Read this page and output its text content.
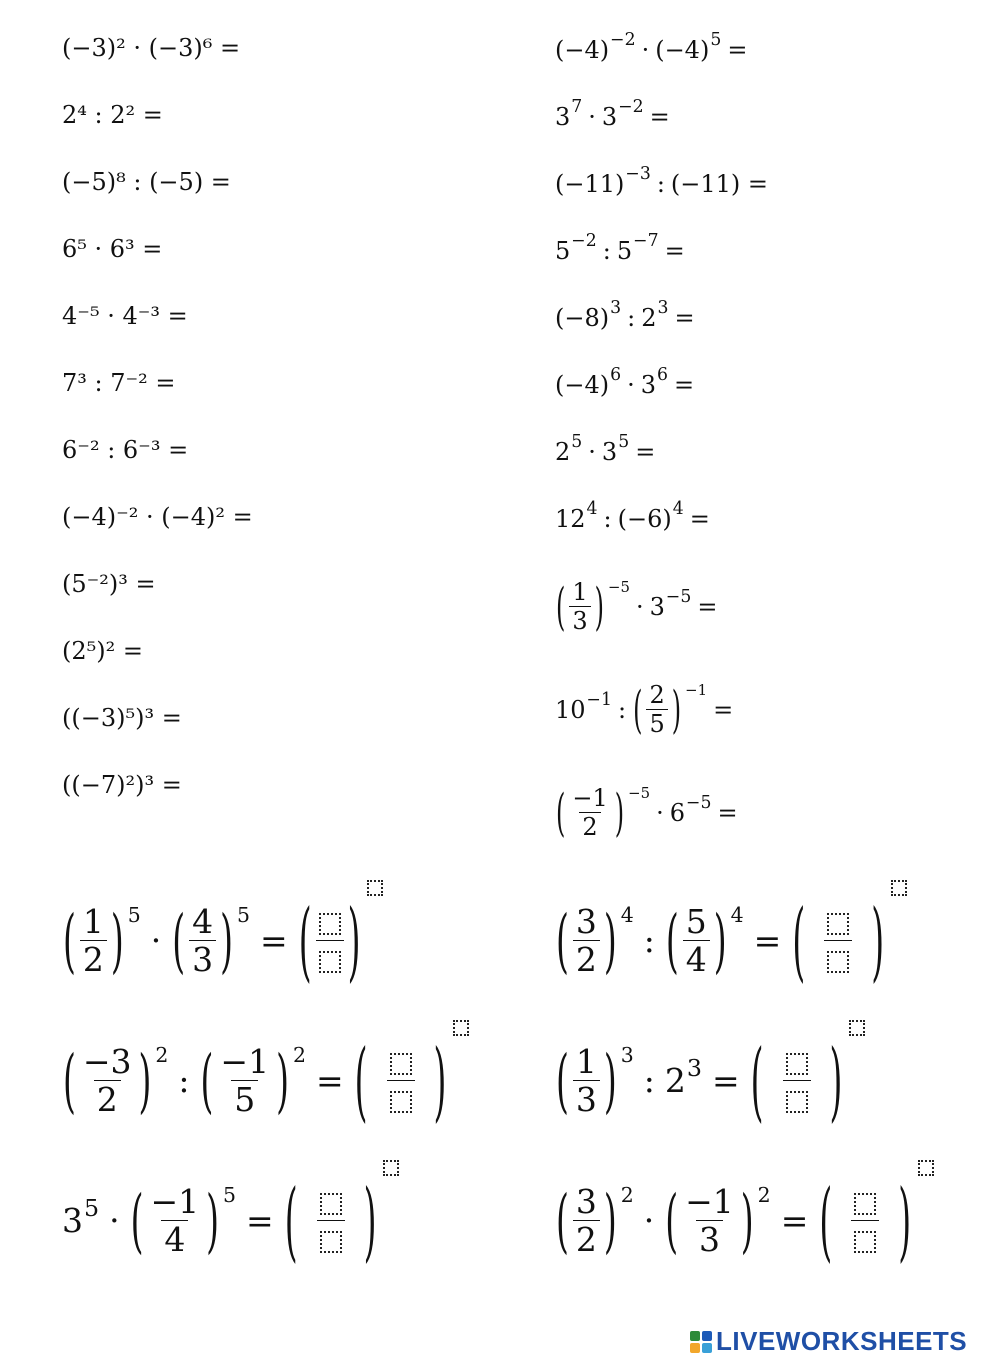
(−3)² · (−3)⁶ =
2⁴ : 2² =
(−5)⁸ : (−5) =
6⁵ · 6³ =
4⁻⁵ · 4⁻³ =
7³ : 7⁻² =
6⁻² : 6⁻³ =
(−4)⁻² · (−4)² =
(5⁻²)³ =
(2⁵)² =
((−3)⁵)³ =
((−7)²)³ =
(−4)−2 · (−4)5 =
37 · 3−2 =
(−11)−3 : (−11) =
5−2 : 5−7 =
(−8)3 : 23 =
(−4)6 · 36 =
25 · 35 =
124 : (−6)4 =
( $\frac{1}{3}$ ) −5· 3−5 =
10−1 : ( $\frac{2}{5}$ ) −1=
( $\frac{-1}{2}$ ) −5· 6−5 =
( $\frac{1}{2}$ ) 5· ( $\frac{4}{3}$ ) 5= ( )	( $\frac{3}{2}$ ) 4: ( $\frac{5}{4}$ ) 4= ( )
( $\frac{-3}{2}$ ) 2: ( $\frac{-1}{5}$ ) 2= ( )	( $\frac{1}{3}$ ) 3: 23 = ( )
35 · ( $\frac{-1}{4}$ ) 5= ( )	( $\frac{3}{2}$ ) 2· ( $\frac{-1}{3}$ ) 2= ( )
LIVEWORKSHEETS
